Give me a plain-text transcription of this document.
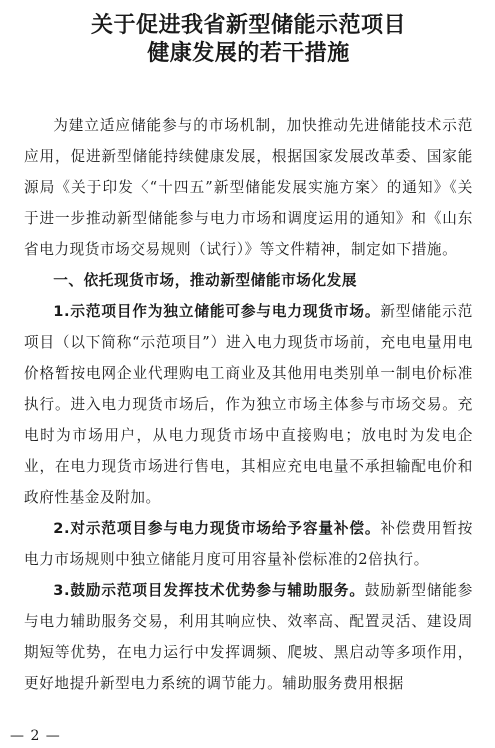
关于促进我省新型储能示范项目
健康发展的若干措施

为建立适应储能参与的市场机制，加快推动先进储能技术示范应用，促进新型储能持续健康发展，根据国家发展改革委、国家能源局《关于印发〈“十四五”新型储能发展实施方案〉的通知》《关于进一步推动新型储能参与电力市场和调度运用的通知》和《山东省电力现货市场交易规则（试行）》等文件精神，制定如下措施。

一、依托现货市场，推动新型储能市场化发展

1.示范项目作为独立储能可参与电力现货市场。新型储能示范项目（以下简称“示范项目”）进入电力现货市场前，充电电量用电价格暂按电网企业代理购电工商业及其他用电类别单一制电价标准执行。进入电力现货市场后，作为独立市场主体参与市场交易。充电时为市场用户，从电力现货市场中直接购电；放电时为发电企业，在电力现货市场进行售电，其相应充电电量不承担输配电价和政府性基金及附加。

2.对示范项目参与电力现货市场给予容量补偿。补偿费用暂按电力市场规则中独立储能月度可用容量补偿标准的2倍执行。

3.鼓励示范项目发挥技术优势参与辅助服务。鼓励新型储能参与电力辅助服务交易，利用其响应快、效率高、配置灵活、建设周期短等优势，在电力运行中发挥调频、爬坡、黑启动等多项作用，更好地提升新型电力系统的调节能力。辅助服务费用根据

— 2 —
